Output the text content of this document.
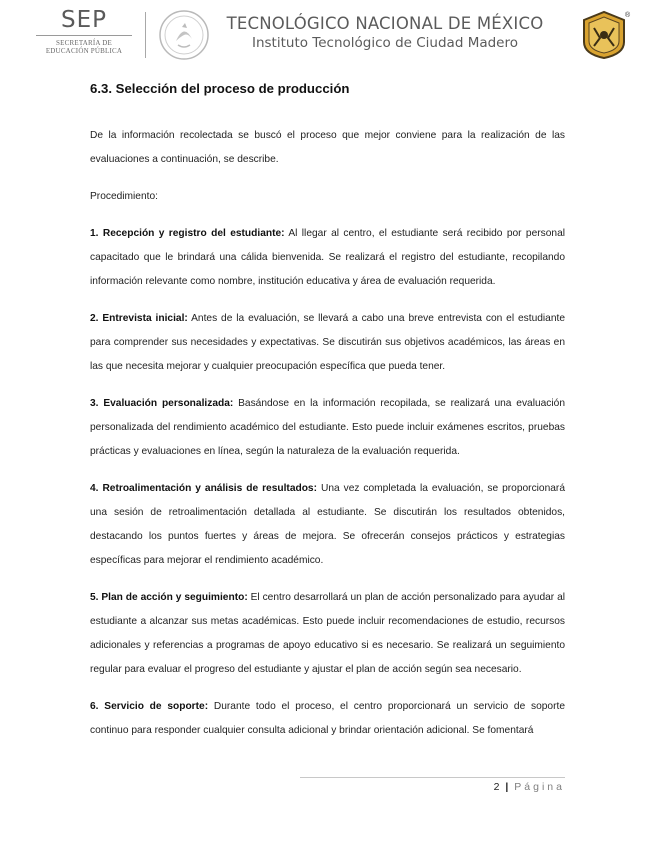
SEP
SECRETARÍA DE
EDUCACIÓN PÚBLICA
TECNOLÓGICO NACIONAL DE MÉXICO
Instituto Tecnológico de Ciudad Madero
®
6.3. Selección del proceso de producción

De la información recolectada se buscó el proceso que mejor conviene para la realización de las evaluaciones a continuación, se describe.

Procedimiento:

1. Recepción y registro del estudiante: Al llegar al centro, el estudiante será recibido por personal capacitado que le brindará una cálida bienvenida. Se realizará el registro del estudiante, recopilando información relevante como nombre, institución educativa y área de evaluación requerida.

2. Entrevista inicial: Antes de la evaluación, se llevará a cabo una breve entrevista con el estudiante para comprender sus necesidades y expectativas. Se discutirán sus objetivos académicos, las áreas en las que necesita mejorar y cualquier preocupación específica que pueda tener.

3. Evaluación personalizada: Basándose en la información recopilada, se realizará una evaluación personalizada del rendimiento académico del estudiante. Esto puede incluir exámenes escritos, pruebas prácticas y evaluaciones en línea, según la naturaleza de la evaluación requerida.

4. Retroalimentación y análisis de resultados: Una vez completada la evaluación, se proporcionará una sesión de retroalimentación detallada al estudiante. Se discutirán los resultados obtenidos, destacando los puntos fuertes y áreas de mejora. Se ofrecerán consejos prácticos y estrategias específicas para mejorar el rendimiento académico.

5. Plan de acción y seguimiento: El centro desarrollará un plan de acción personalizado para ayudar al estudiante a alcanzar sus metas académicas. Esto puede incluir recomendaciones de estudio, recursos adicionales y referencias a programas de apoyo educativo si es necesario. Se realizará un seguimiento regular para evaluar el progreso del estudiante y ajustar el plan de acción según sea necesario.

6. Servicio de soporte: Durante todo el proceso, el centro proporcionará un servicio de soporte continuo para responder cualquier consulta adicional y brindar orientación adicional. Se fomentará

2 | Página
